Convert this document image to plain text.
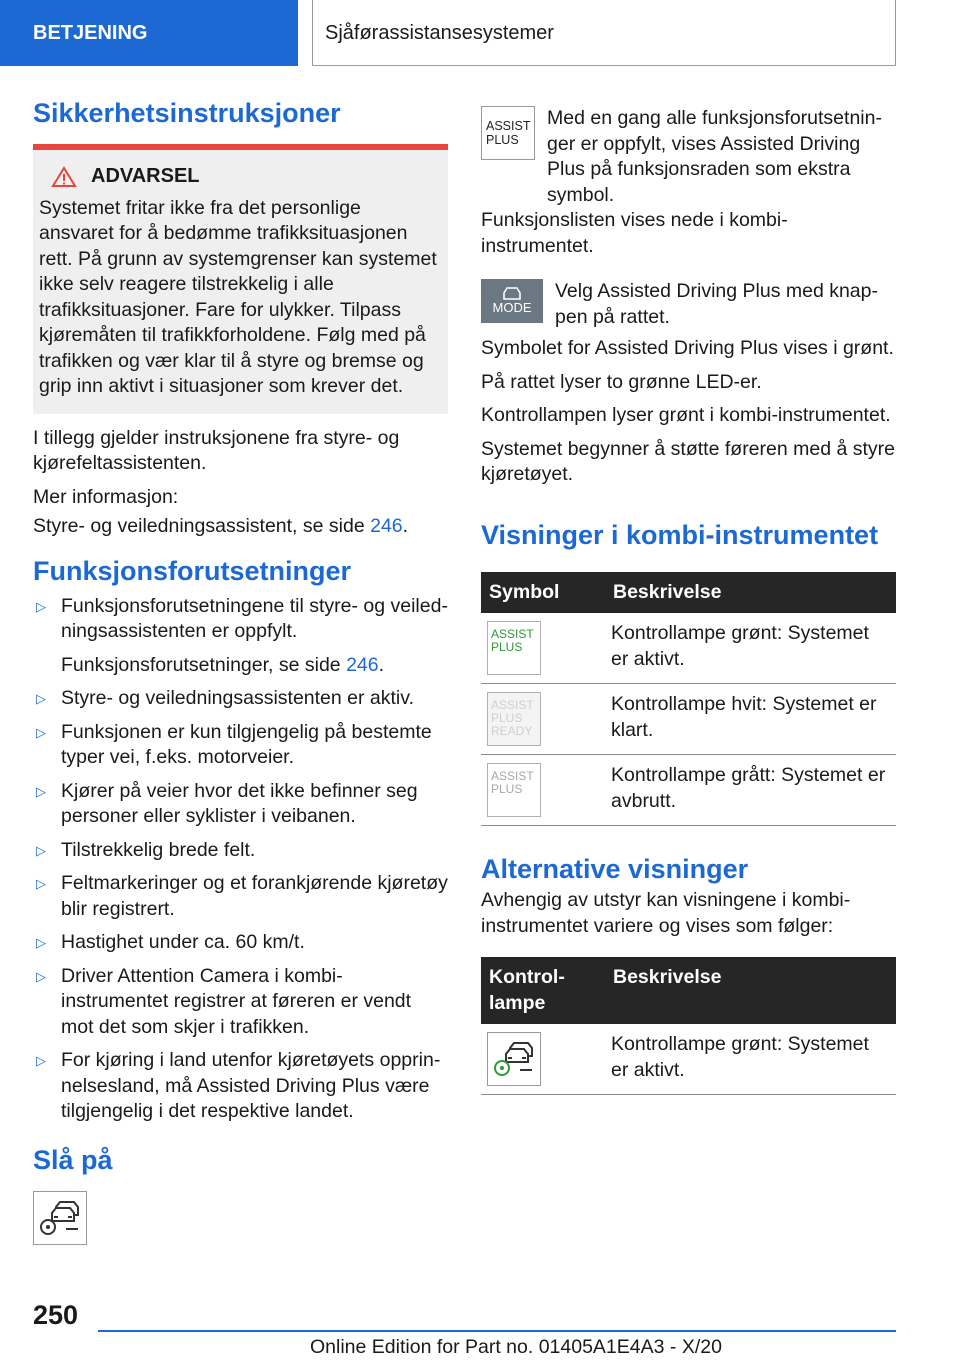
BETJENING	Sjåførassistansesystemer
Sikkerhetsinstruksjoner
ADVARSEL

Systemet fritar ikke fra det personlige ansvaret for å bedømme trafikksituasjonen rett. På grunn av systemgrenser kan systemet ikke selv reagere tilstrekkelig i alle trafikksituasjoner. Fare for ulykker. Tilpass kjøremåten til trafikkforholdene. Følg med på trafikken og vær klar til å styre og bremse og grip inn aktivt i situasjoner som krever det.

I tillegg gjelder instruksjonene fra styre- og kjørefeltassistenten.

Mer informasjon:

Styre- og veiledningsassistent, se side 246.

Funksjonsforutsetninger
▷ Funksjonsforutsetningene til styre- og veiledningsassistenten er oppfylt.
Funksjonsforutsetninger, se side 246.
▷ Styre- og veiledningsassistenten er aktiv.
▷ Funksjonen er kun tilgjengelig på bestemte typer vei, f.eks. motorveier.
▷ Kjører på veier hvor det ikke befinner seg personer eller syklister i veibanen.
▷ Tilstrekkelig brede felt.
▷ Feltmarkeringer og et forankjørende kjøretøy blir registrert.
▷ Hastighet under ca. 60 km/t.
▷ Driver Attention Camera i kombi-instrumentet registrer at føreren er vendt mot det som skjer i trafikken.
▷ For kjøring i land utenfor kjøretøyets opprinnelsesland, må Assisted Driving Plus være tilgjengelig i det respektive landet.
Slå på
ASSIST
PLUS

Med en gang alle funksjonsforutsetninger er oppfylt, vises Assisted Driving Plus på funksjonsraden som ekstra symbol.

Funksjonslisten vises nede i kombi-instrumentet.

MODE

Velg Assisted Driving Plus med knappen på rattet.

Symbolet for Assisted Driving Plus vises i grønt.

På rattet lyser to grønne LED-er.

Kontrollampen lyser grønt i kombi-instrumentet.

Systemet begynner å støtte føreren med å styre kjøretøyet.

Visninger i kombi-instrumentet
Symbol	Beskrivelse

ASSIST
PLUS	Kontrollampe grønt: Systemet er aktivt.

ASSIST
PLUS
READY	Kontrollampe hvit: Systemet er klart.

ASSIST
PLUS	Kontrollampe grått: Systemet er avbrutt.
Alternative visninger

Avhengig av utstyr kan visningene i kombi-instrumentet variere og vises som følger:

Kontrollampe	Beskrivelse

	Kontrollampe grønt: Systemet er aktivt.
250
Online Edition for Part no. 01405A1E4A3 - X/20
